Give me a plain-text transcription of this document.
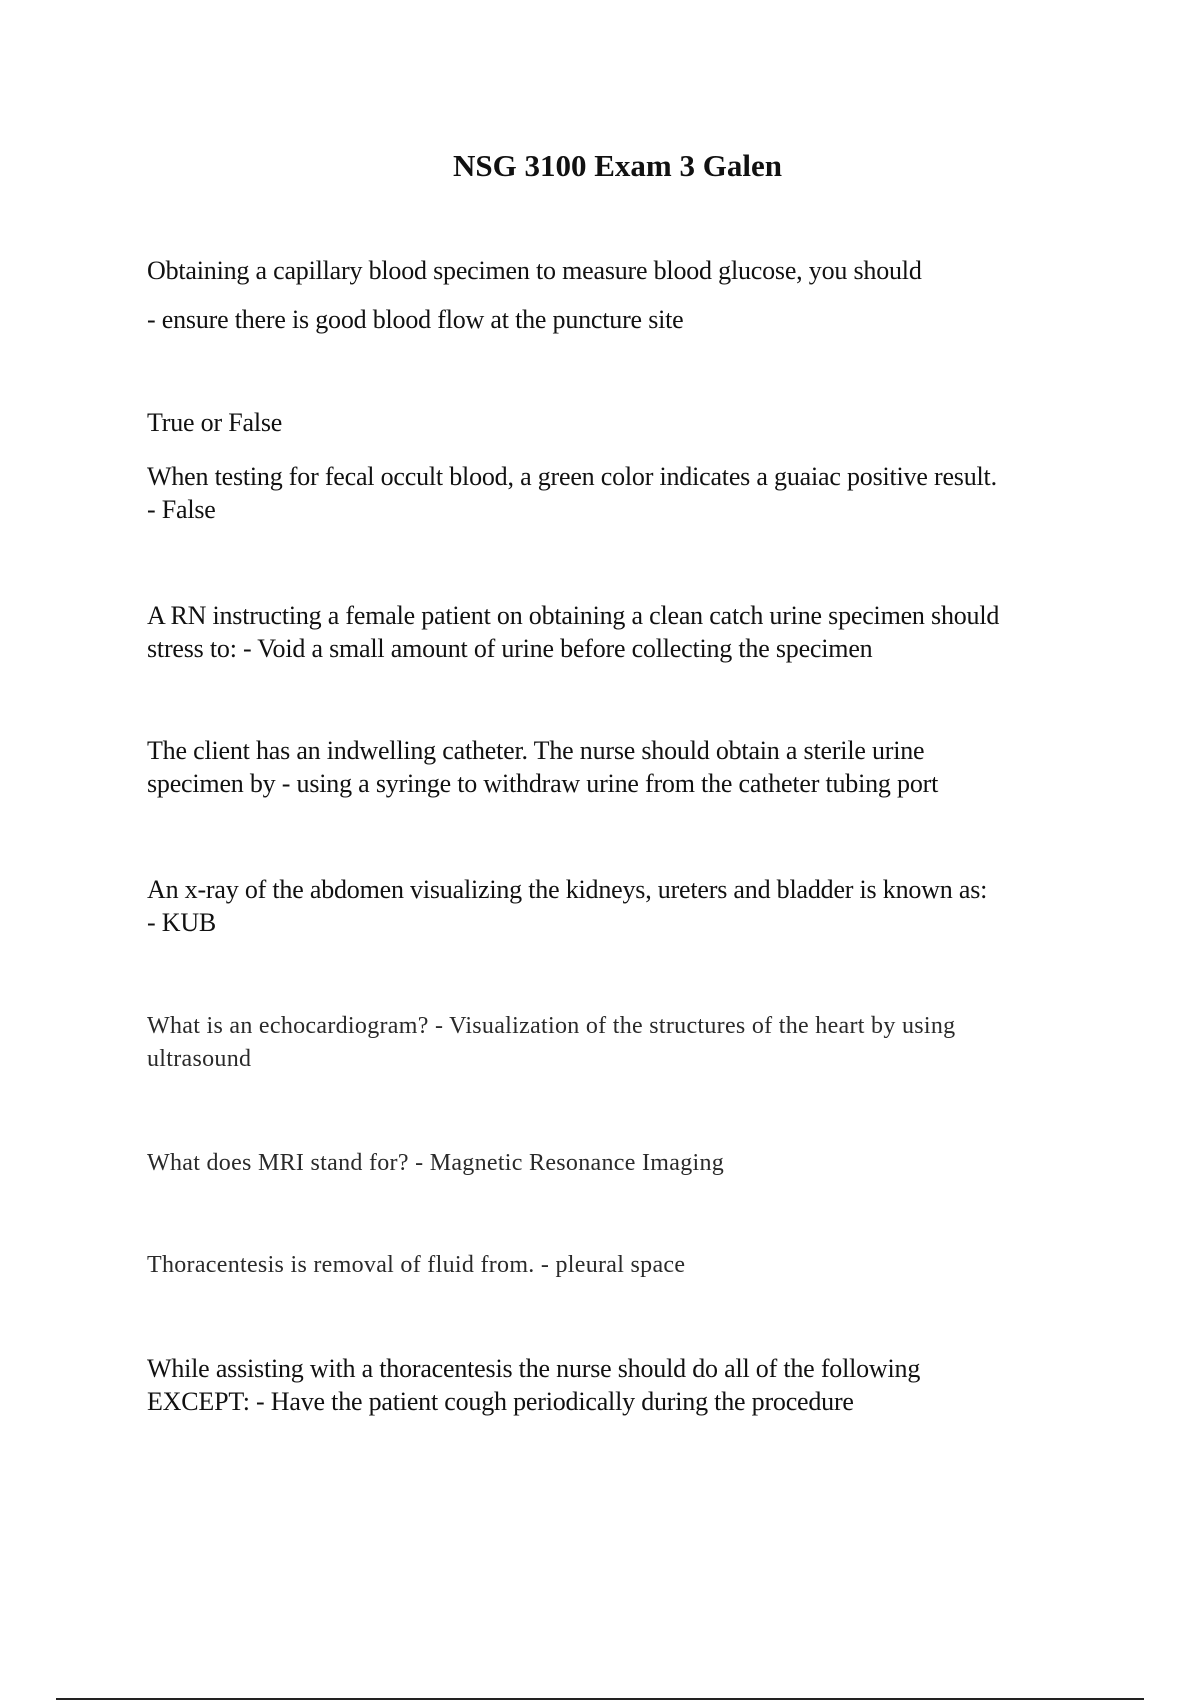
NSG 3100 Exam 3 Galen
Obtaining a capillary blood specimen to measure blood glucose, you should
- ensure there is good blood flow at the puncture site
True or False
When testing for fecal occult blood, a green color indicates a guaiac positive result.
- False
A RN instructing a female patient on obtaining a clean catch urine specimen should
stress to: - Void a small amount of urine before collecting the specimen
The client has an indwelling catheter. The nurse should obtain a sterile urine
specimen by - using a syringe to withdraw urine from the catheter tubing port
An x-ray of the abdomen visualizing the kidneys, ureters and bladder is known as:
- KUB
What is an echocardiogram? - Visualization of the structures of the heart by using
ultrasound
What does MRI stand for? - Magnetic Resonance Imaging
Thoracentesis is removal of fluid from. - pleural space
While assisting with a thoracentesis the nurse should do all of the following
EXCEPT: - Have the patient cough periodically during the procedure
